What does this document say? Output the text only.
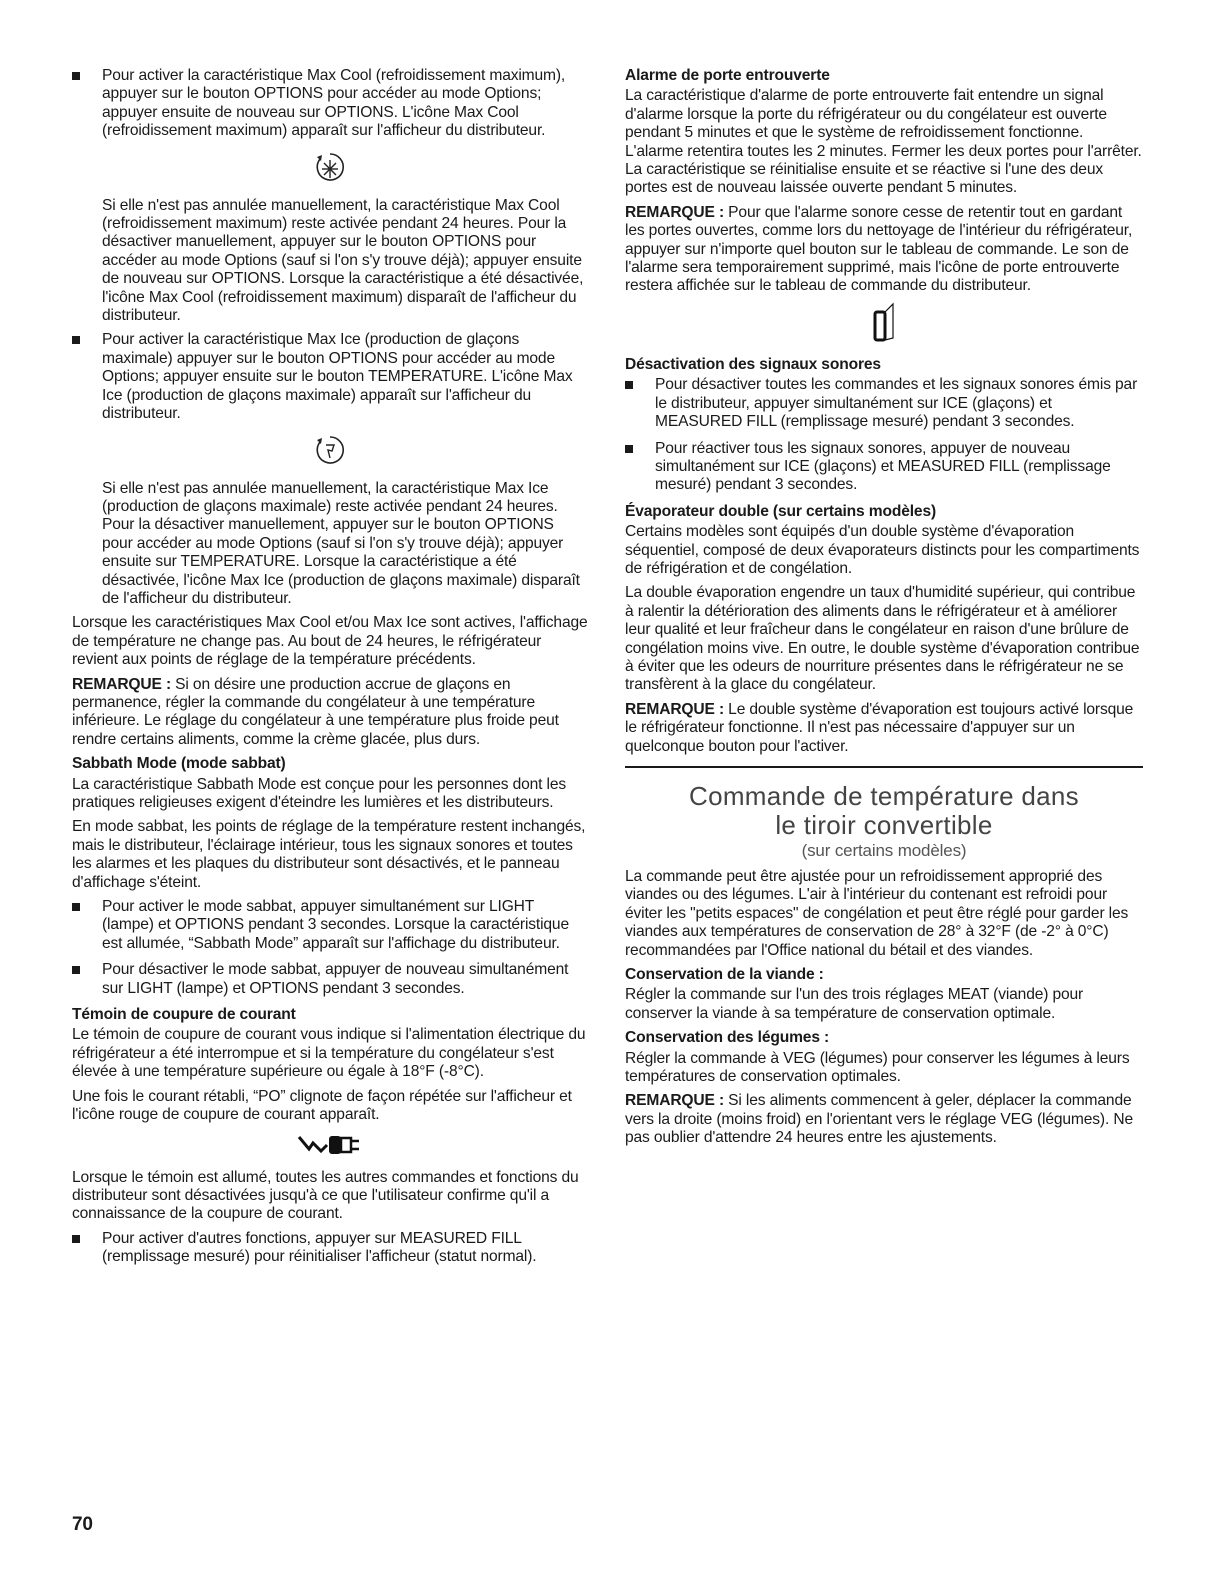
Pour activer la caractéristique Max Cool (refroidissement maximum), appuyer sur le bouton OPTIONS pour accéder au mode Options; appuyer ensuite de nouveau sur OPTIONS. L'icône Max Cool (refroidissement maximum) apparaît sur l'afficheur du distributeur.

Si elle n'est pas annulée manuellement, la caractéristique Max Cool (refroidissement maximum) reste activée pendant 24 heures. Pour la désactiver manuellement, appuyer sur le bouton OPTIONS pour accéder au mode Options (sauf si l'on s'y trouve déjà); appuyer ensuite de nouveau sur OPTIONS. Lorsque la caractéristique a été désactivée, l'icône Max Cool (refroidissement maximum) disparaît de l'afficheur du distributeur.

Pour activer la caractéristique Max Ice (production de glaçons maximale) appuyer sur le bouton OPTIONS pour accéder au mode Options; appuyer ensuite sur le bouton TEMPERATURE. L'icône Max Ice (production de glaçons maximale) apparaît sur l'afficheur du distributeur.

Si elle n'est pas annulée manuellement, la caractéristique Max Ice (production de glaçons maximale) reste activée pendant 24 heures. Pour la désactiver manuellement, appuyer sur le bouton OPTIONS pour accéder au mode Options (sauf si l'on s'y trouve déjà); appuyer ensuite sur TEMPERATURE. Lorsque la caractéristique a été désactivée, l'icône Max Ice (production de glaçons maximale) disparaît de l'afficheur du distributeur.

Lorsque les caractéristiques Max Cool et/ou Max Ice sont actives, l'affichage de température ne change pas. Au bout de 24 heures, le réfrigérateur revient aux points de réglage de la température précédents.

REMARQUE : Si on désire une production accrue de glaçons en permanence, régler la commande du congélateur à une température inférieure. Le réglage du congélateur à une température plus froide peut rendre certains aliments, comme la crème glacée, plus durs.

Sabbath Mode (mode sabbat)

La caractéristique Sabbath Mode est conçue pour les personnes dont les pratiques religieuses exigent d'éteindre les lumières et les distributeurs.

En mode sabbat, les points de réglage de la température restent inchangés, mais le distributeur, l'éclairage intérieur, tous les signaux sonores et toutes les alarmes et les plaques du distributeur sont désactivés, et le panneau d'affichage s'éteint.

Pour activer le mode sabbat, appuyer simultanément sur LIGHT (lampe) et OPTIONS pendant 3 secondes. Lorsque la caractéristique est allumée, “Sabbath Mode” apparaît sur l'affichage du distributeur.
Pour désactiver le mode sabbat, appuyer de nouveau simultanément sur LIGHT (lampe) et OPTIONS pendant 3 secondes.
Témoin de coupure de courant

Le témoin de coupure de courant vous indique si l'alimentation électrique du réfrigérateur a été interrompue et si la température du congélateur s'est élevée à une température supérieure ou égale à 18°F (-8°C).

Une fois le courant rétabli, “PO” clignote de façon répétée sur l'afficheur et l'icône rouge de coupure de courant apparaît.

Lorsque le témoin est allumé, toutes les autres commandes et fonctions du distributeur sont désactivées jusqu'à ce que l'utilisateur confirme qu'il a connaissance de la coupure de courant.

Pour activer d'autres fonctions, appuyer sur MEASURED FILL (remplissage mesuré) pour réinitialiser l'afficheur (statut normal).
Alarme de porte entrouverte

La caractéristique d'alarme de porte entrouverte fait entendre un signal d'alarme lorsque la porte du réfrigérateur ou du congélateur est ouverte pendant 5 minutes et que le système de refroidissement fonctionne. L'alarme retentira toutes les 2 minutes. Fermer les deux portes pour l'arrêter. La caractéristique se réinitialise ensuite et se réactive si l'une des deux portes est de nouveau laissée ouverte pendant 5 minutes.

REMARQUE : Pour que l'alarme sonore cesse de retentir tout en gardant les portes ouvertes, comme lors du nettoyage de l'intérieur du réfrigérateur, appuyer sur n'importe quel bouton sur le tableau de commande. Le son de l'alarme sera temporairement supprimé, mais l'icône de porte entrouverte restera affichée sur le tableau de commande du distributeur.

Désactivation des signaux sonores
Pour désactiver toutes les commandes et les signaux sonores émis par le distributeur, appuyer simultanément sur ICE (glaçons) et MEASURED FILL (remplissage mesuré) pendant 3 secondes.
Pour réactiver tous les signaux sonores, appuyer de nouveau simultanément sur ICE (glaçons) et MEASURED FILL (remplissage mesuré) pendant 3 secondes.
Évaporateur double (sur certains modèles)

Certains modèles sont équipés d'un double système d'évaporation séquentiel, composé de deux évaporateurs distincts pour les compartiments de réfrigération et de congélation.

La double évaporation engendre un taux d'humidité supérieur, qui contribue à ralentir la détérioration des aliments dans le réfrigérateur et à améliorer leur qualité et leur fraîcheur dans le congélateur en raison d'une brûlure de congélation moins vive. En outre, le double système d'évaporation contribue à éviter que les odeurs de nourriture présentes dans le réfrigérateur ne se transfèrent à la glace du congélateur.

REMARQUE : Le double système d'évaporation est toujours activé lorsque le réfrigérateur fonctionne. Il n'est pas nécessaire d'appuyer sur un quelconque bouton pour l'activer.

Commande de température dans
le tiroir convertible
(sur certains modèles)

La commande peut être ajustée pour un refroidissement approprié des viandes ou des légumes. L'air à l'intérieur du contenant est refroidi pour éviter les "petits espaces" de congélation et peut être réglé pour garder les viandes aux températures de conservation de 28° à 32°F (de -2° à 0°C) recommandées par l'Office national du bétail et des viandes.

Conservation de la viande :

Régler la commande sur l'un des trois réglages MEAT (viande) pour conserver la viande à sa température de conservation optimale.

Conservation des légumes :

Régler la commande à VEG (légumes) pour conserver les légumes à leurs températures de conservation optimales.

REMARQUE : Si les aliments commencent à geler, déplacer la commande vers la droite (moins froid) en l'orientant vers le réglage VEG (légumes). Ne pas oublier d'attendre 24 heures entre les ajustements.

70
